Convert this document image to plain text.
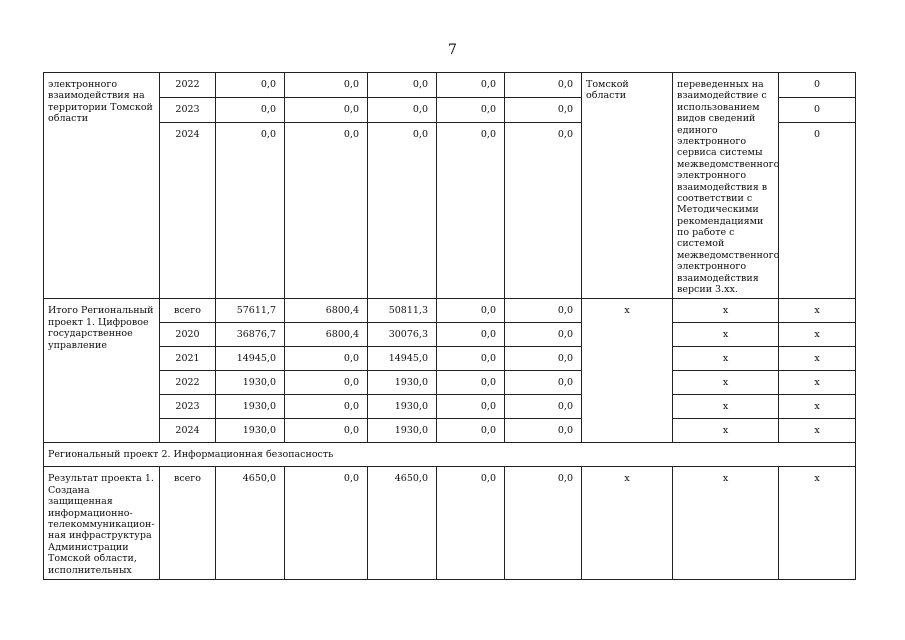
7
электронного взаимодействия на территории Томской области	2022	0,0	0,0	0,0	0,0	0,0	Томской области	переведенных на взаимодействие с использованием видов сведений единого электронного сервиса системы межведомственного электронного взаимодействия в соответствии с Методическими рекомендациями по работе с системой межведомственного электронного взаимодействия версии 3.хх.	0
	2023	0,0	0,0	0,0	0,0	0,0			0
	2024	0,0	0,0	0,0	0,0	0,0			0
Итого Региональный проект 1. Цифровое государственное управление	всего	57611,7	6800,4	50811,3	0,0	0,0	х	х	х
	2020	36876,7	6800,4	30076,3	0,0	0,0		х	х
	2021	14945,0	0,0	14945,0	0,0	0,0		х	х
	2022	1930,0	0,0	1930,0	0,0	0,0		х	х
	2023	1930,0	0,0	1930,0	0,0	0,0		х	х
	2024	1930,0	0,0	1930,0	0,0	0,0		х	х
Региональный проект 2. Информационная безопасность									
Результат проекта 1. Создана защищенная информационно-телекоммуникацион-ная инфраструктура Администрации Томской области, исполнительных	всего	4650,0	0,0	4650,0	0,0	0,0	х	х	х
